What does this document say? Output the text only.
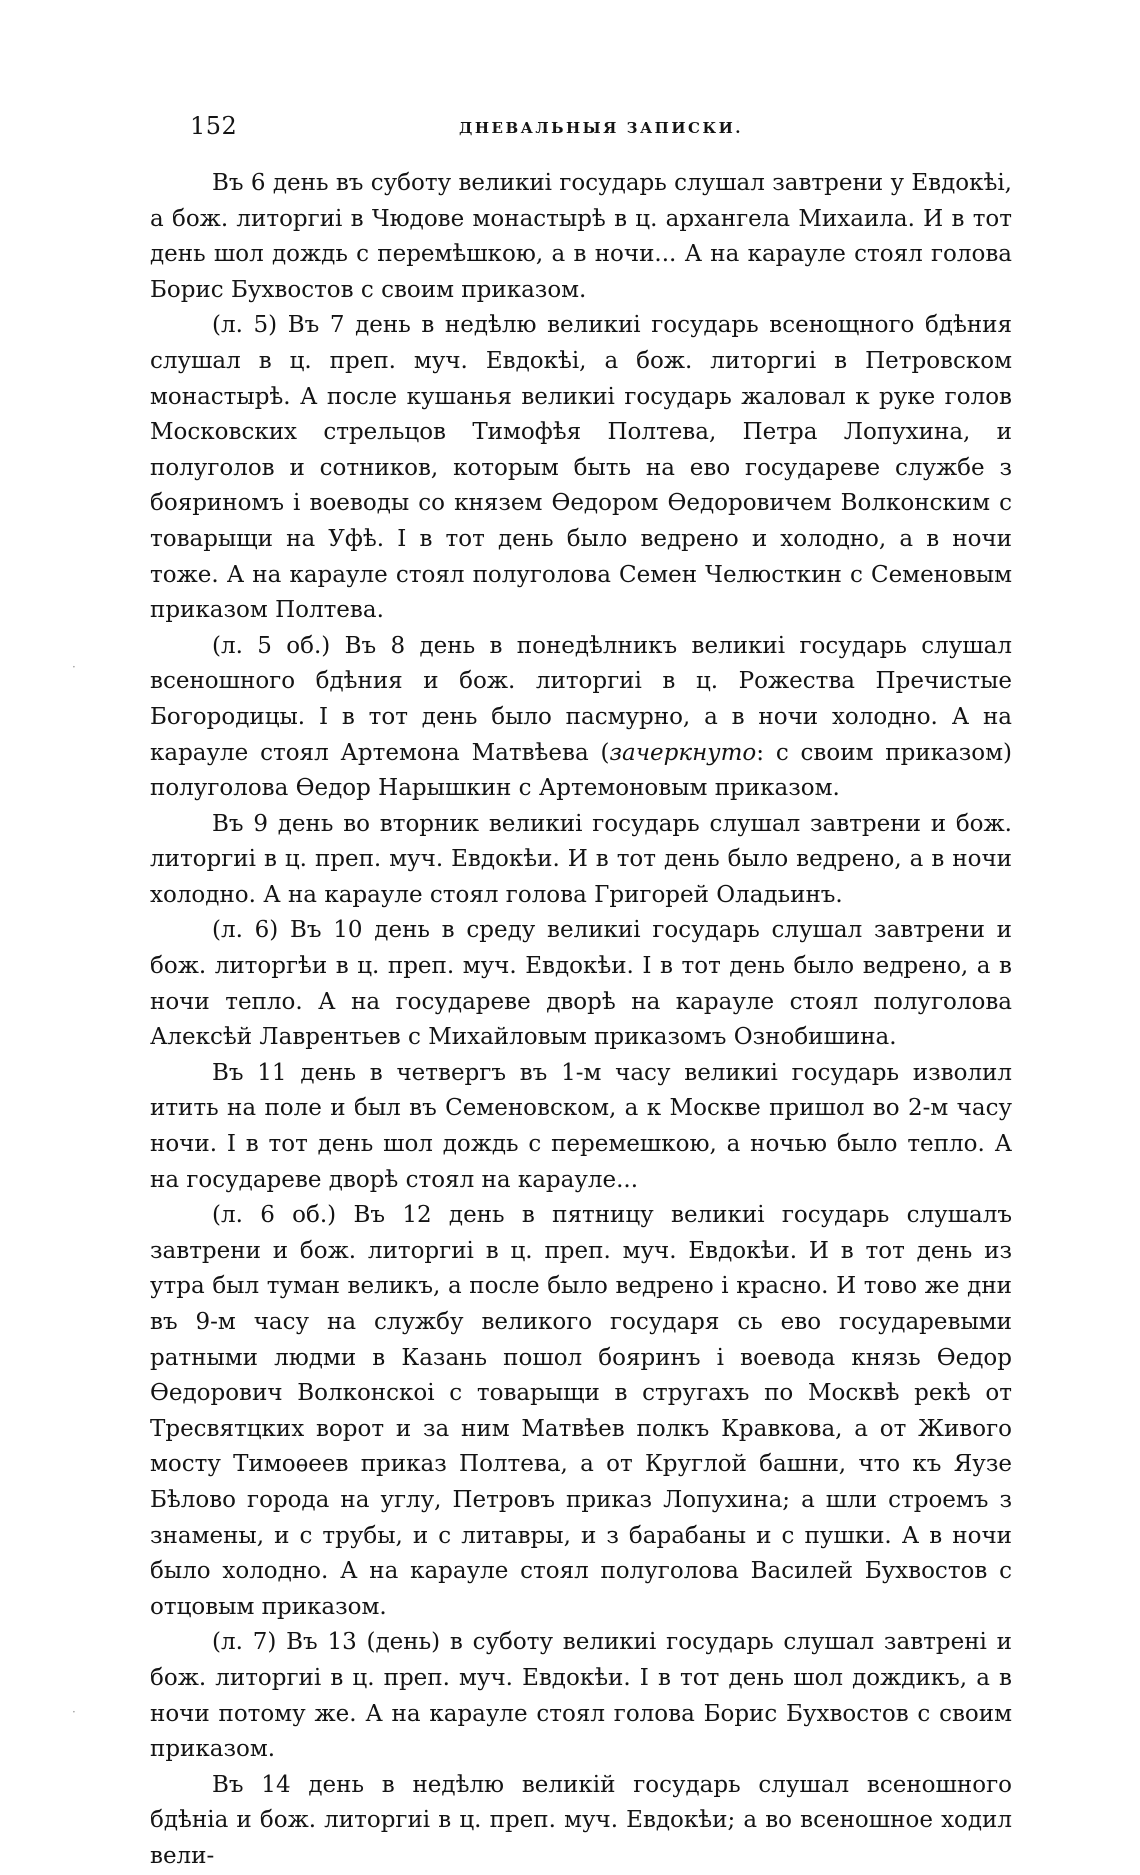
152	ДНЕВАЛЬНЫЯ ЗАПИСКИ.

Въ 6 день въ суботу великиі государь слушал завтрени у Евдокѣі, а бож. литоргиі в Чюдове монастырѣ в ц. архангела Михаила. И в тот день шол дождь с перемѣшкою, а в ночи... А на карауле стоял голова Борис Бухвостов с своим приказом.

(л. 5) Въ 7 день в недѣлю великиі государь всенощного бдѣния слушал в ц. преп. муч. Евдокѣі, а бож. литоргиі в Петровском монастырѣ. А после кушанья великиі государь жаловал к руке голов Московских стрельцов Тимофѣя Полтева, Петра Лопухина, и полуголов и сотников, которым быть на ево государеве службе з бояриномъ і воеводы со князем Өедором Өедоровичем Волконским с товарыщи на Уфѣ. І в тот день было ведрено и холодно, а в ночи тоже. А на карауле стоял полуголова Семен Челюсткин с Семеновым приказом Полтева.

(л. 5 об.) Въ 8 день в понедѣлникъ великиі государь слушал всеношного бдѣния и бож. литоргиі в ц. Рожества Пречистые Богородицы. І в тот день было пасмурно, а в ночи холодно. А на карауле стоял Артемона Матвѣева (зачеркнуто: с своим приказом) полуголова Өедор Нарышкин с Артемоновым приказом.

Въ 9 день во вторник великиі государь слушал завтрени и бож. литоргиі в ц. преп. муч. Евдокѣи. И в тот день было ведрено, а в ночи холодно. А на карауле стоял голова Григорей Оладьинъ.

(л. 6) Въ 10 день в среду великиі государь слушал завтрени и бож. литоргѣи в ц. преп. муч. Евдокѣи. І в тот день было ведрено, а в ночи тепло. А на государеве дворѣ на карауле стоял полуголова Алексѣй Лаврентьев с Михайловым приказомъ Ознобишина.

Въ 11 день в четвергъ въ 1-м часу великиі государь изволил итить на поле и был въ Семеновском, а к Москве пришол во 2-м часу ночи. І в тот день шол дождь с перемешкою, а ночью было тепло. А на государеве дворѣ стоял на карауле...

(л. 6 об.) Въ 12 день в пятницу великиі государь слушалъ завтрени и бож. литоргиі в ц. преп. муч. Евдокѣи. И в тот день из утра был туман великъ, а после было ведрено і красно. И тово же дни въ 9-м часу на службу великого государя сь ево государевыми ратными людми в Казань пошол бояринъ і воевода князь Өедор Өедорович Волконскоі с товарыщи в стругахъ по Москвѣ рекѣ от Тресвятцких ворот и за ним Матвѣев полкъ Кравкова, а от Живого мосту Тимоѳеев приказ Полтева, а от Круглой башни, что къ Яузе Бѣлово города на углу, Петровъ приказ Лопухина; а шли строемъ з знамены, и с трубы, и с литавры, и з барабаны и с пушки. А в ночи было холодно. А на карауле стоял полуголова Василей Бухвостов с отцовым приказом.

(л. 7) Въ 13 (день) в суботу великиі государь слушал завтрені и бож. литоргиі в ц. преп. муч. Евдокѣи. І в тот день шол дождикъ, а в ночи потому же. А на карауле стоял голова Борис Бухвостов с своим приказом.

Въ 14 день в недѣлю великій государь слушал всеношного бдѣніа и бож. литоргиі в ц. преп. муч. Евдокѣи; а во всеношное ходил вели-

·
·
